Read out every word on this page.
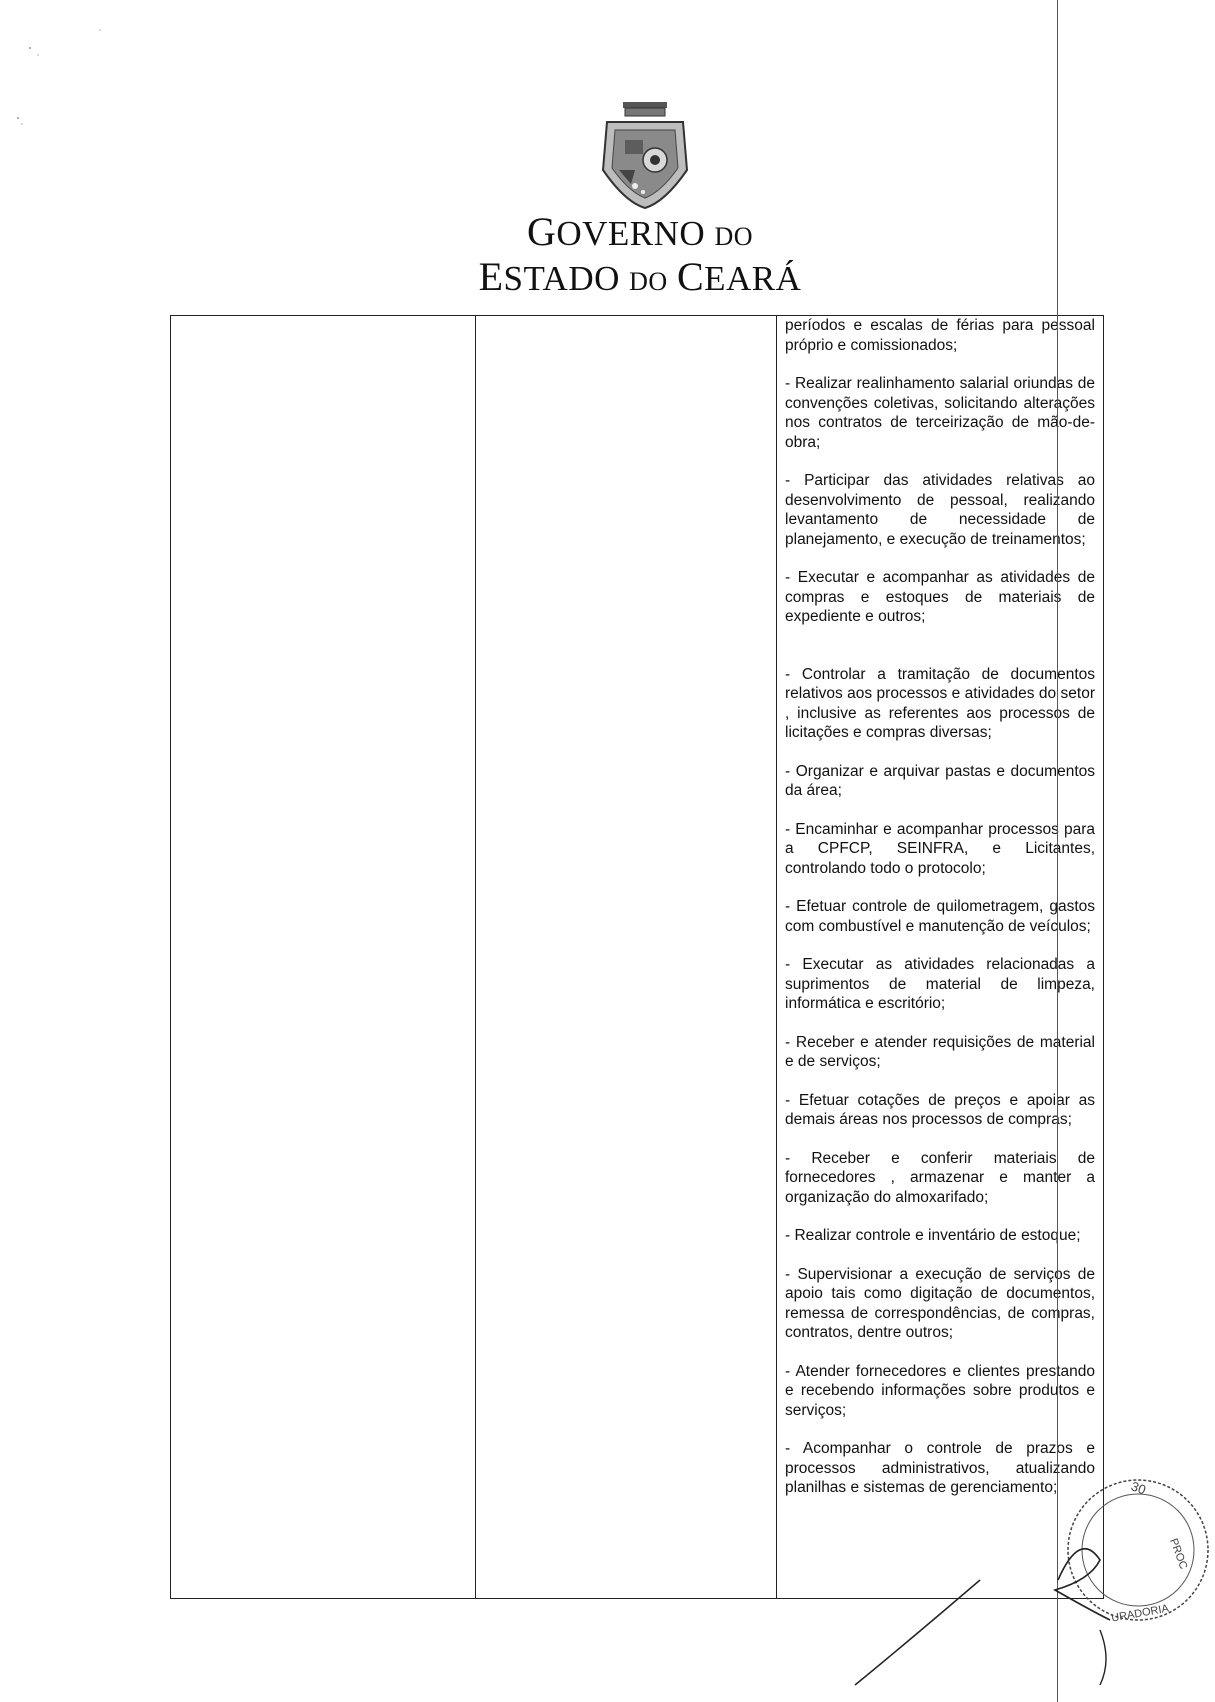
GOVERNO DO
ESTADO DO CEARÁ

períodos e escalas de férias para pessoal próprio e comissionados;

- Realizar realinhamento salarial oriundas de convenções coletivas, solicitando alterações nos contratos de terceirização de mão-de-obra;

- Participar das atividades relativas ao desenvolvimento de pessoal, realizando levantamento de necessidade de planejamento, e execução de treinamentos;

- Executar e acompanhar as atividades de compras e estoques de materiais de expediente e outros;

- Controlar a tramitação de documentos relativos aos processos e atividades do setor , inclusive as referentes aos processos de licitações e compras diversas;

- Organizar e arquivar pastas e documentos da área;

- Encaminhar e acompanhar processos para a CPFCP, SEINFRA, e Licitantes, controlando todo o protocolo;

- Efetuar controle de quilometragem, gastos com combustível e manutenção de veículos;

- Executar as atividades relacionadas a suprimentos de material de limpeza, informática e escritório;

- Receber e atender requisições de material e de serviços;

- Efetuar cotações de preços e apoiar as demais áreas nos processos de compras;

- Receber e conferir materiais de fornecedores , armazenar e manter a organização do almoxarifado;

- Realizar controle e inventário de estoque;

- Supervisionar a execução de serviços de apoio tais como digitação de documentos, remessa de correspondências, de compras, contratos, dentre outros;

- Atender fornecedores e clientes prestando e recebendo informações sobre produtos e serviços;

- Acompanhar o controle de prazos e processos administrativos, atualizando planilhas e sistemas de gerenciamento;	30
PROC
URADORIA
